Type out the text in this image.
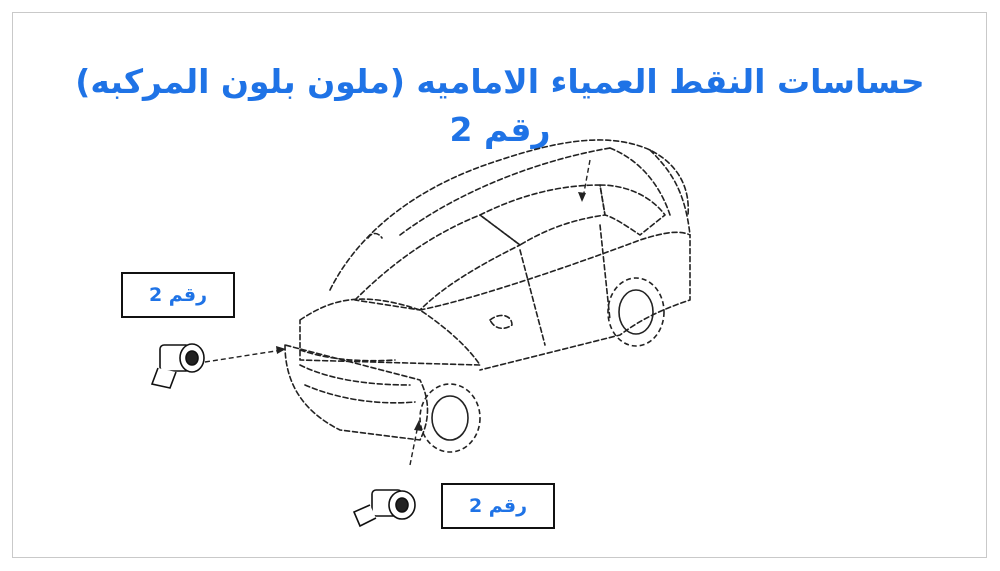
حساسات النقط العمياء الاماميه (ملون بلون المركبه)
رقم 2
رقم 2
رقم 2
